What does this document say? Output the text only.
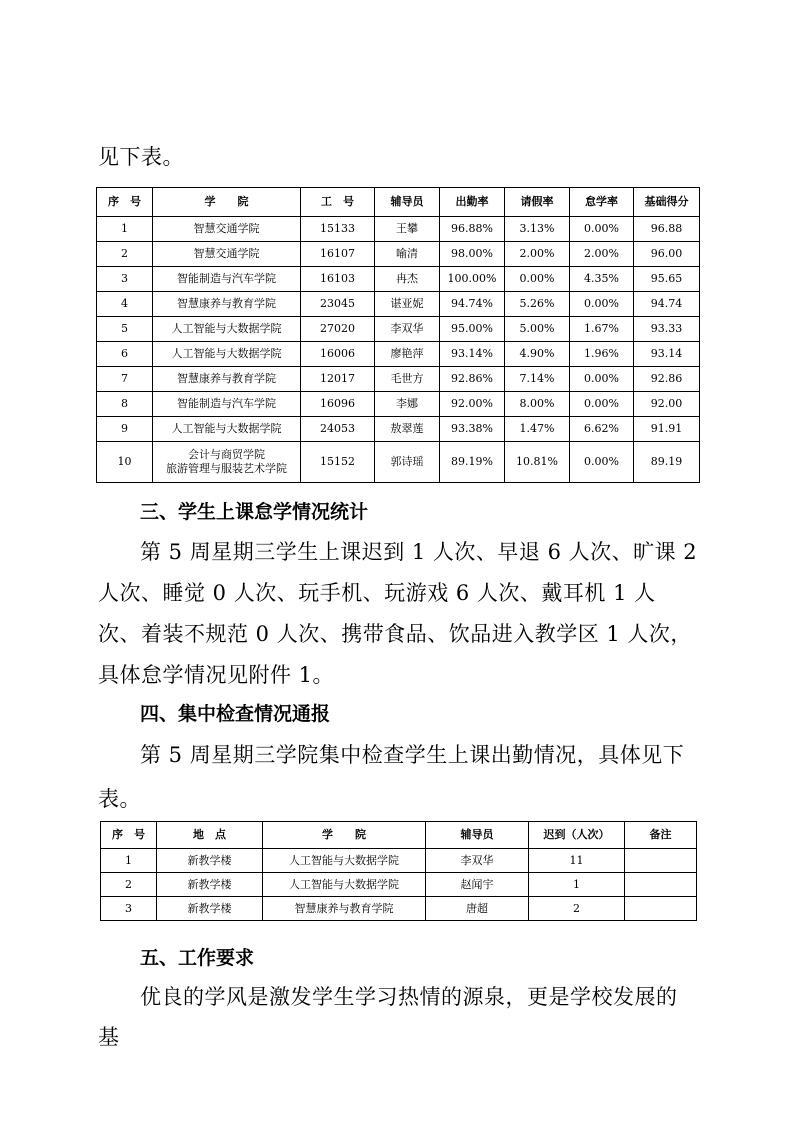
见下表。

序　号	学　　院	工　号	辅导员	出勤率	请假率	怠学率	基础得分
1	智慧交通学院	15133	王攀	96.88%	3.13%	0.00%	96.88
2	智慧交通学院	16107	喻清	98.00%	2.00%	2.00%	96.00
3	智能制造与汽车学院	16103	冉杰	100.00%	0.00%	4.35%	95.65
4	智慧康养与教育学院	23045	谌亚妮	94.74%	5.26%	0.00%	94.74
5	人工智能与大数据学院	27020	李双华	95.00%	5.00%	1.67%	93.33
6	人工智能与大数据学院	16006	廖艳萍	93.14%	4.90%	1.96%	93.14
7	智慧康养与教育学院	12017	毛世方	92.86%	7.14%	0.00%	92.86
8	智能制造与汽车学院	16096	李娜	92.00%	8.00%	0.00%	92.00
9	人工智能与大数据学院	24053	敖翠莲	93.38%	1.47%	6.62%	91.91
10	会计与商贸学院
旅游管理与服装艺术学院	15152	郭诗瑶	89.19%	10.81%	0.00%	89.19

三、学生上课怠学情况统计

第 5 周星期三学生上课迟到 1 人次、早退 6 人次、旷课 2 人次、睡觉 0 人次、玩手机、玩游戏 6 人次、戴耳机 1 人次、着装不规范 0 人次、携带食品、饮品进入教学区 1 人次，具体怠学情况见附件 1。

四、集中检查情况通报

第 5 周星期三学院集中检查学生上课出勤情况，具体见下表。

序　号	地　点	学　　院	辅导员	迟到（人次）	备注
1	新教学楼	人工智能与大数据学院	李双华	11	
2	新教学楼	人工智能与大数据学院	赵闻宇	1	
3	新教学楼	智慧康养与教育学院	唐超	2	

五、工作要求

优良的学风是激发学生学习热情的源泉，更是学校发展的基
